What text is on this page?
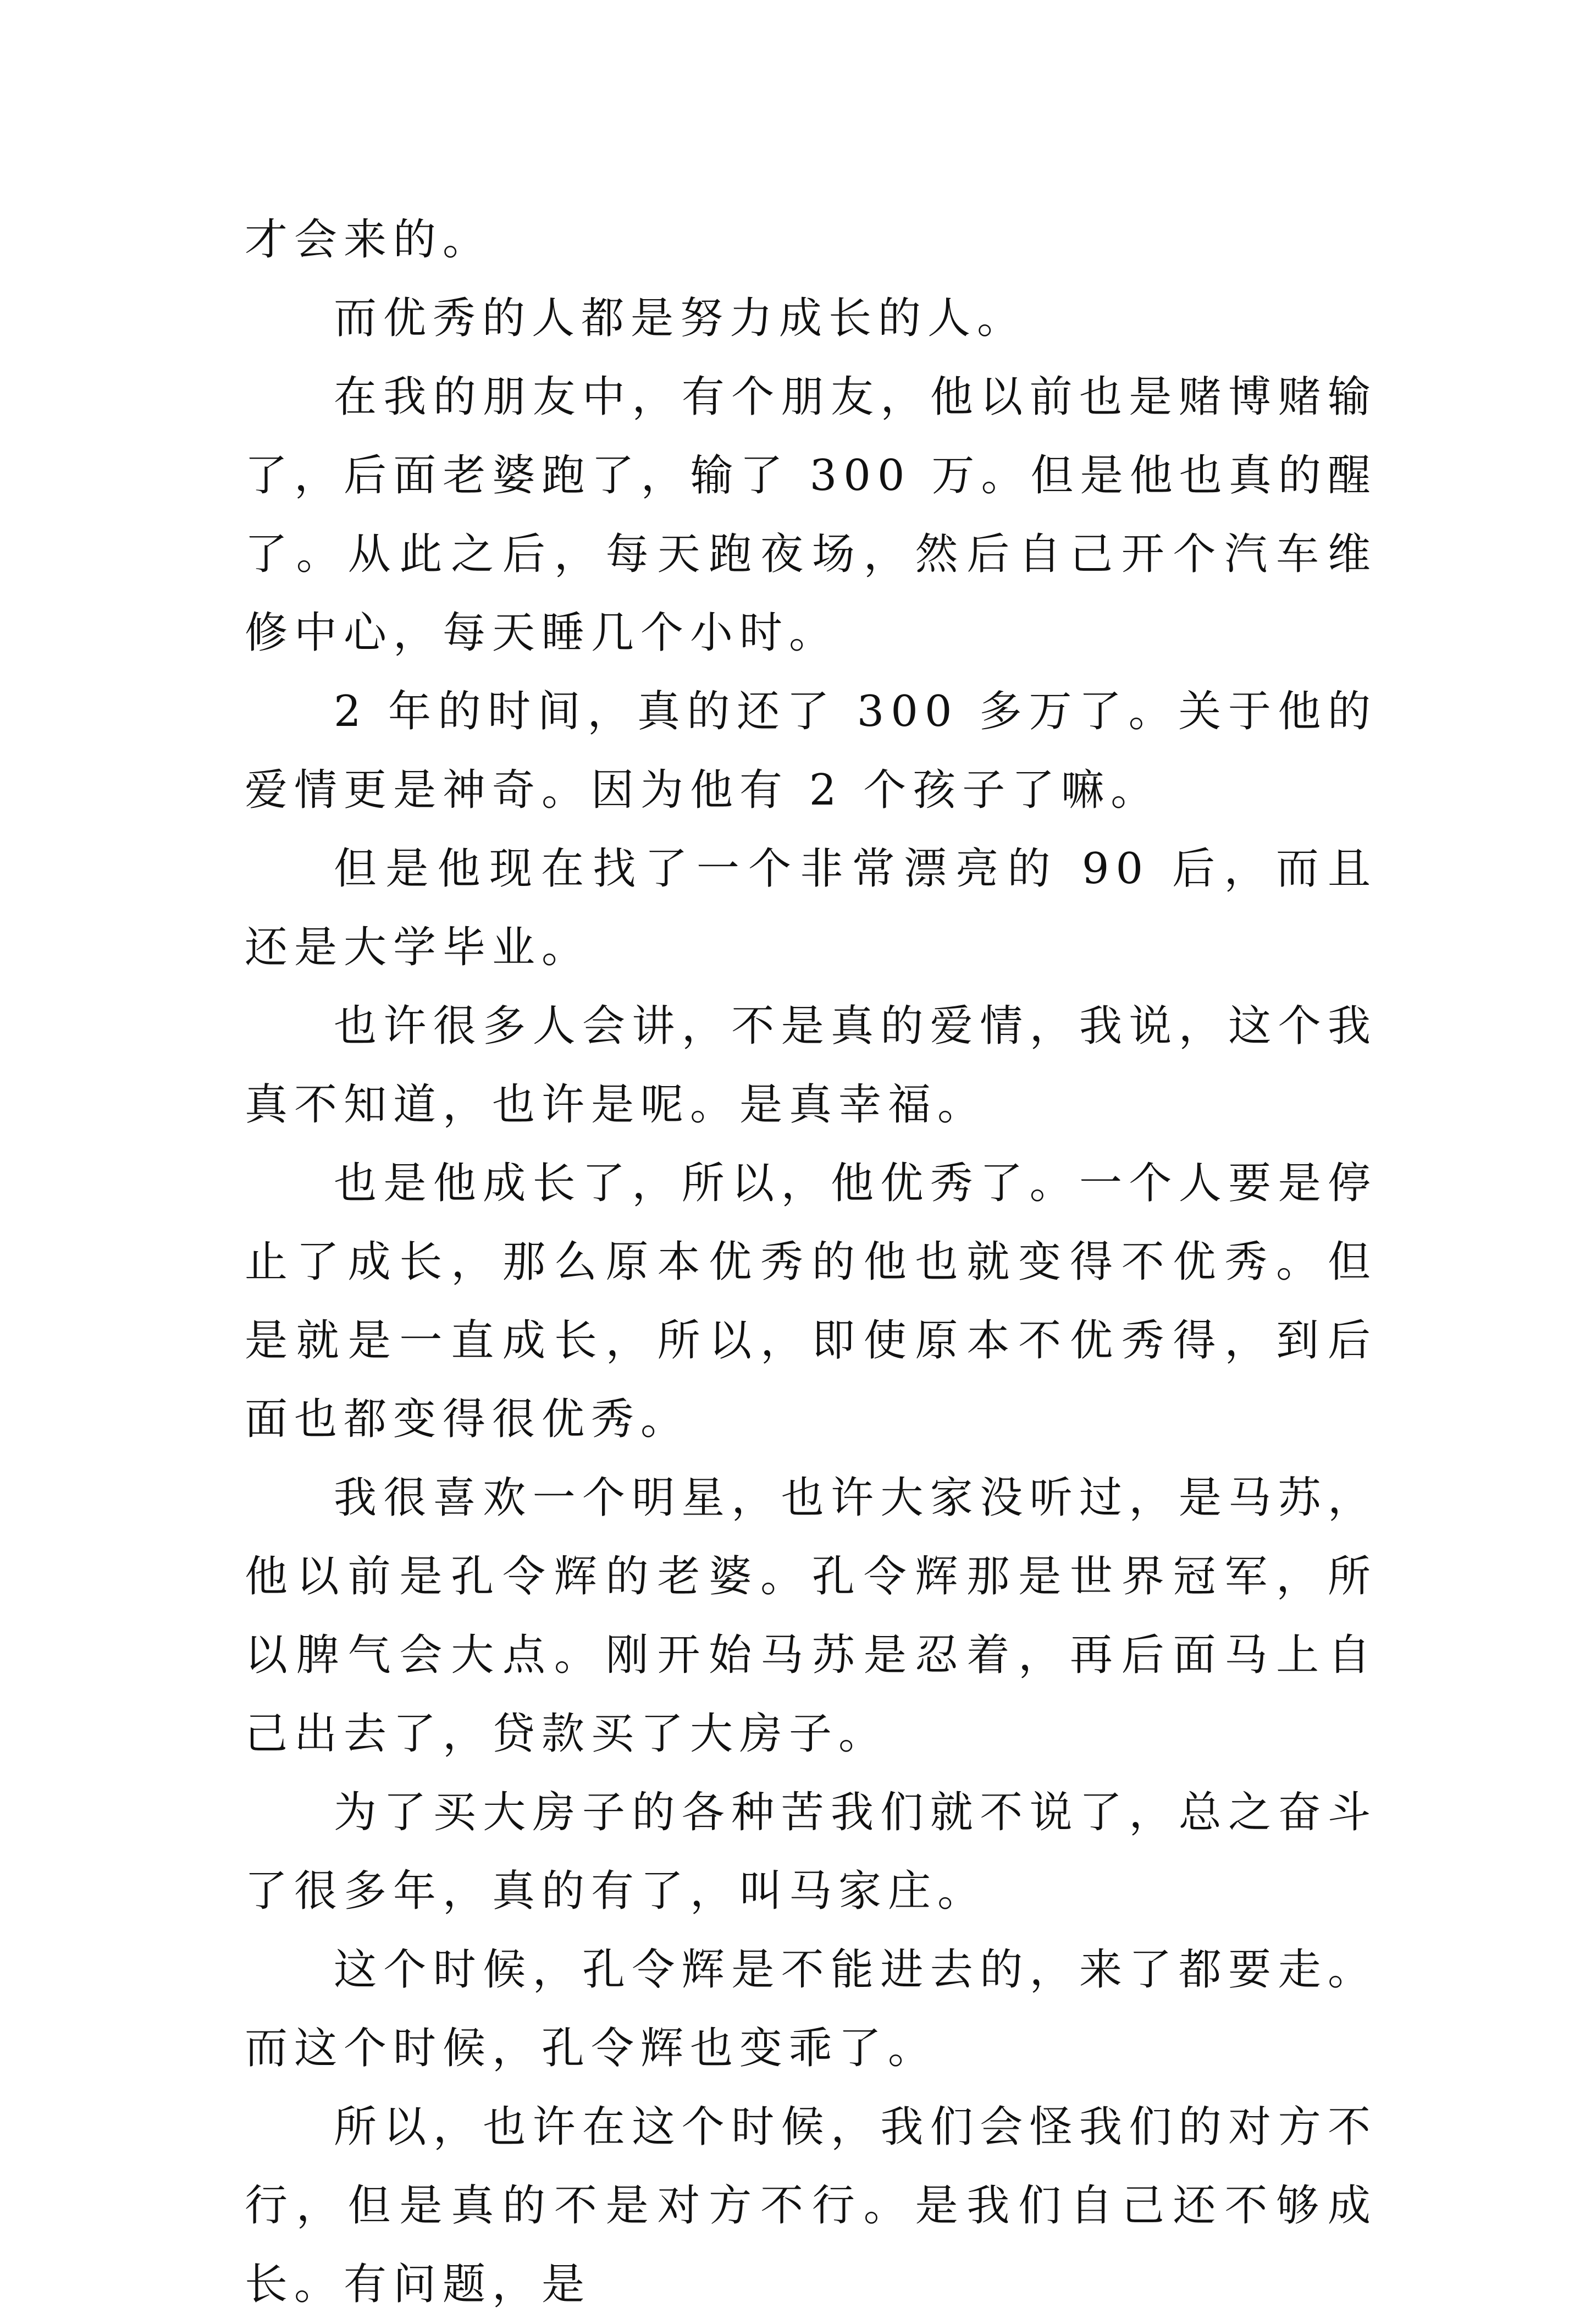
才会来的。

而优秀的人都是努力成长的人。

在我的朋友中，有个朋友，他以前也是赌博赌输了，后面老婆跑了，输了 300 万。但是他也真的醒了。从此之后，每天跑夜场，然后自己开个汽车维修中心，每天睡几个小时。

2 年的时间，真的还了 300 多万了。关于他的爱情更是神奇。因为他有 2 个孩子了嘛。

但是他现在找了一个非常漂亮的 90 后，而且还是大学毕业。

也许很多人会讲，不是真的爱情，我说，这个我真不知道，也许是呢。是真幸福。

也是他成长了，所以，他优秀了。一个人要是停止了成长，那么原本优秀的他也就变得不优秀。但是就是一直成长，所以，即使原本不优秀得，到后面也都变得很优秀。

我很喜欢一个明星，也许大家没听过，是马苏，他以前是孔令辉的老婆。孔令辉那是世界冠军，所以脾气会大点。刚开始马苏是忍着，再后面马上自己出去了，贷款买了大房子。

为了买大房子的各种苦我们就不说了，总之奋斗了很多年，真的有了，叫马家庄。

这个时候，孔令辉是不能进去的，来了都要走。而这个时候，孔令辉也变乖了。

所以，也许在这个时候，我们会怪我们的对方不行，但是真的不是对方不行。是我们自己还不够成长。有问题，是
